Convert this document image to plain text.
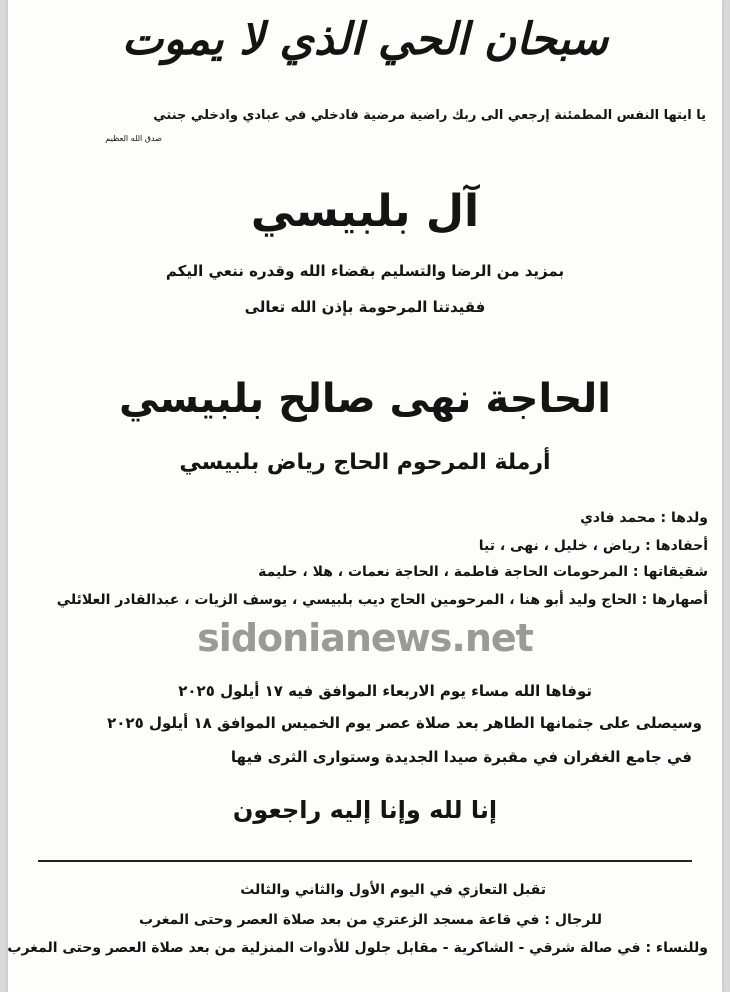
سبحان الحي الذي لا يموت
يا ايتها النفس المطمئنة إرجعي الى ربك راضية مرضية فادخلي في عبادي وادخلي جنتي
صدق الله العظيم
آل بلبيسي
بمزيد من الرضا والتسليم بقضاء الله وقدره ننعي اليكم
فقيدتنا المرحومة بإذن الله تعالى
الحاجة نهى صالح بلبيسي
أرملة المرحوم الحاج رياض بلبيسي
ولدها : محمد فادي
أحفادها : رياض ، خليل ، نهى ، تيا
شقيقاتها : المرحومات الحاجة فاطمة ، الحاجة نعمات ، هلا ، حليمة
أصهارها : الحاج وليد أبو هنا ، المرحومين الحاج ديب بلبيسي ، يوسف الزيات ، عبدالقادر العلائلي
sidonianews.net
توفاها الله مساء يوم الاربعاء الموافق فيه ١٧ أيلول ٢٠٢٥
وسيصلى على جثمانها الطاهر بعد صلاة عصر يوم الخميس الموافق ١٨ أيلول ٢٠٢٥
في جامع الغفران في مقبرة صيدا الجديدة وستوارى الثرى فيها
إنا لله وإنا إليه راجعون
تقبل التعازي في اليوم الأول والثاني والثالث
للرجال : في قاعة مسجد الزعتري من بعد صلاة العصر وحتى المغرب
وللنساء : في صالة شرقي - الشاكرية - مقابل جلول للأدوات المنزلية من بعد صلاة العصر وحتى المغرب
